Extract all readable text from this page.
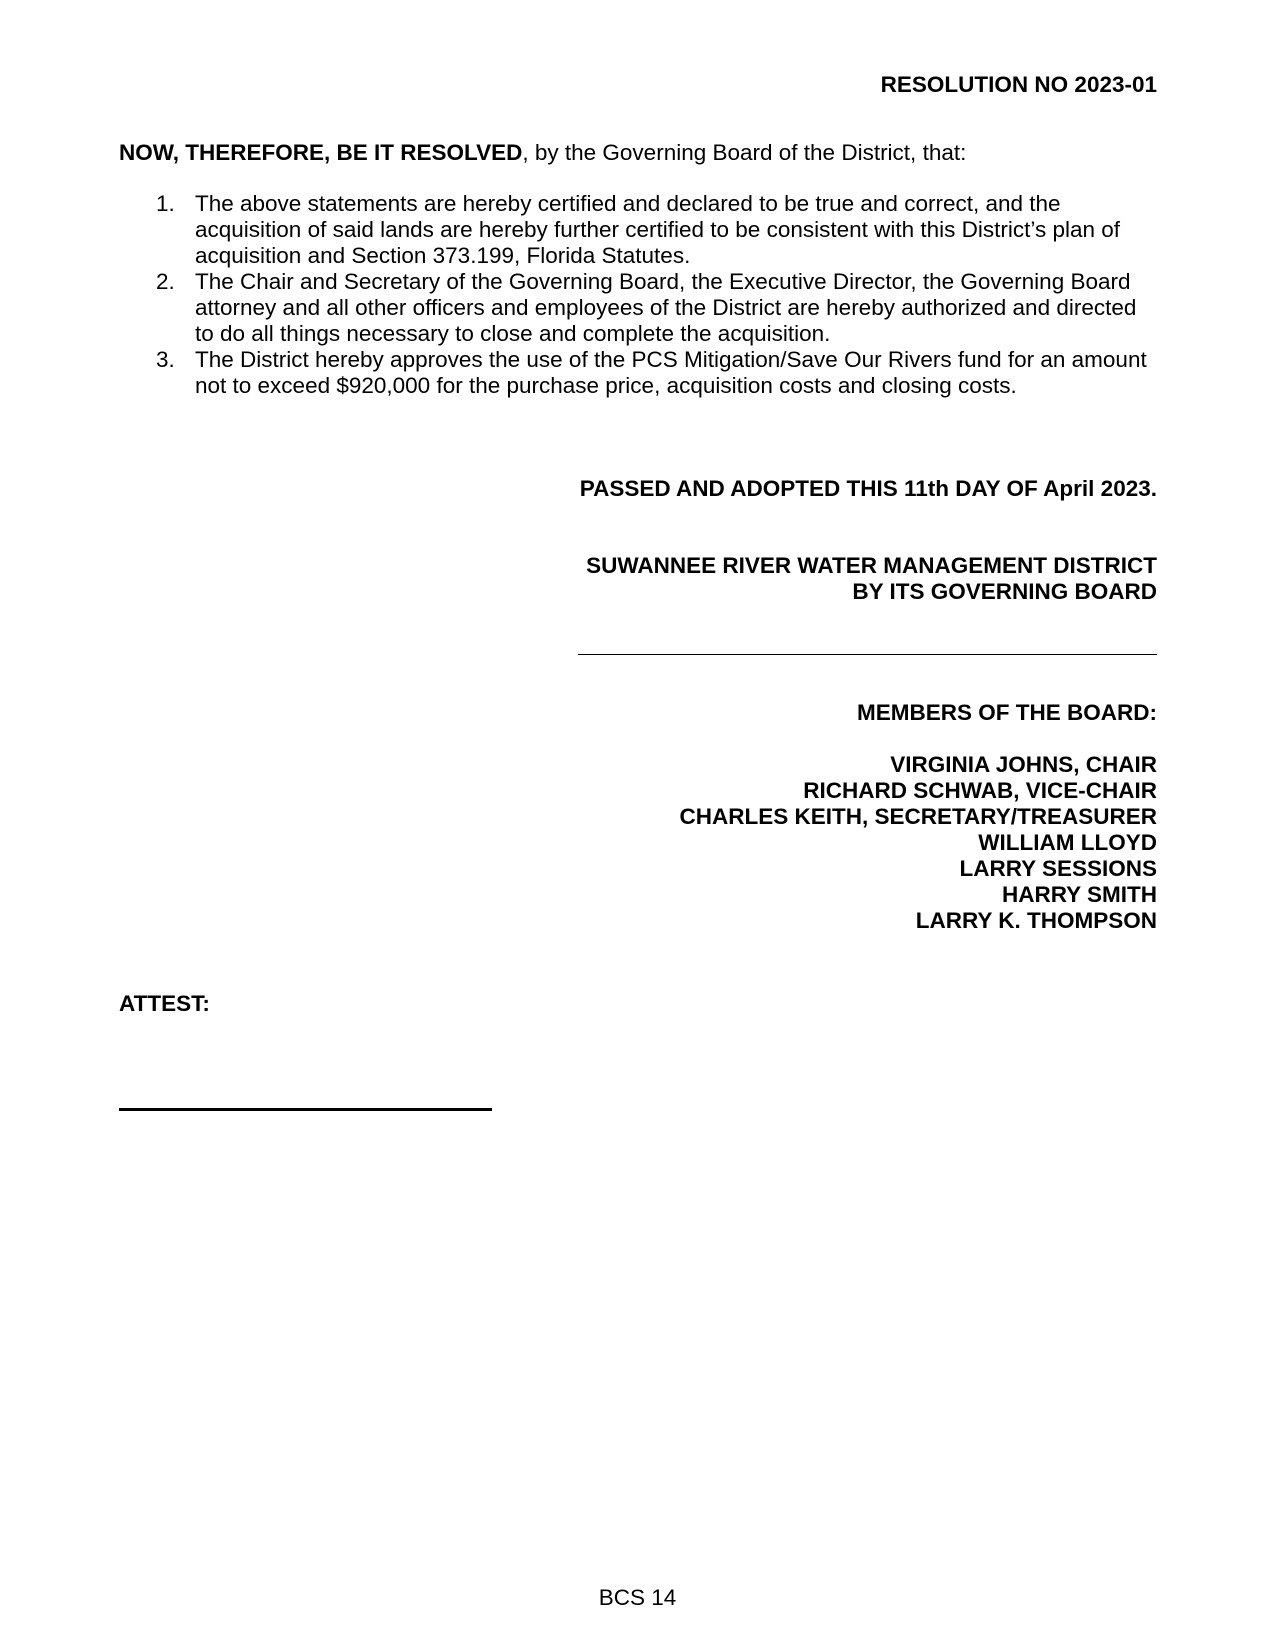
RESOLUTION NO 2023-01
NOW, THEREFORE, BE IT RESOLVED, by the Governing Board of the District, that:
1. The above statements are hereby certified and declared to be true and correct, and the acquisition of said lands are hereby further certified to be consistent with this District’s plan of acquisition and Section 373.199, Florida Statutes.
2. The Chair and Secretary of the Governing Board, the Executive Director, the Governing Board attorney and all other officers and employees of the District are hereby authorized and directed to do all things necessary to close and complete the acquisition.
3. The District hereby approves the use of the PCS Mitigation/Save Our Rivers fund for an amount not to exceed $920,000 for the purchase price, acquisition costs and closing costs.
PASSED AND ADOPTED THIS 11th DAY OF April 2023.
SUWANNEE RIVER WATER MANAGEMENT DISTRICT
BY ITS GOVERNING BOARD
MEMBERS OF THE BOARD:
VIRGINIA JOHNS, CHAIR
RICHARD SCHWAB, VICE-CHAIR
CHARLES KEITH, SECRETARY/TREASURER
WILLIAM LLOYD
LARRY SESSIONS
HARRY SMITH
LARRY K. THOMPSON
ATTEST:
BCS 14
